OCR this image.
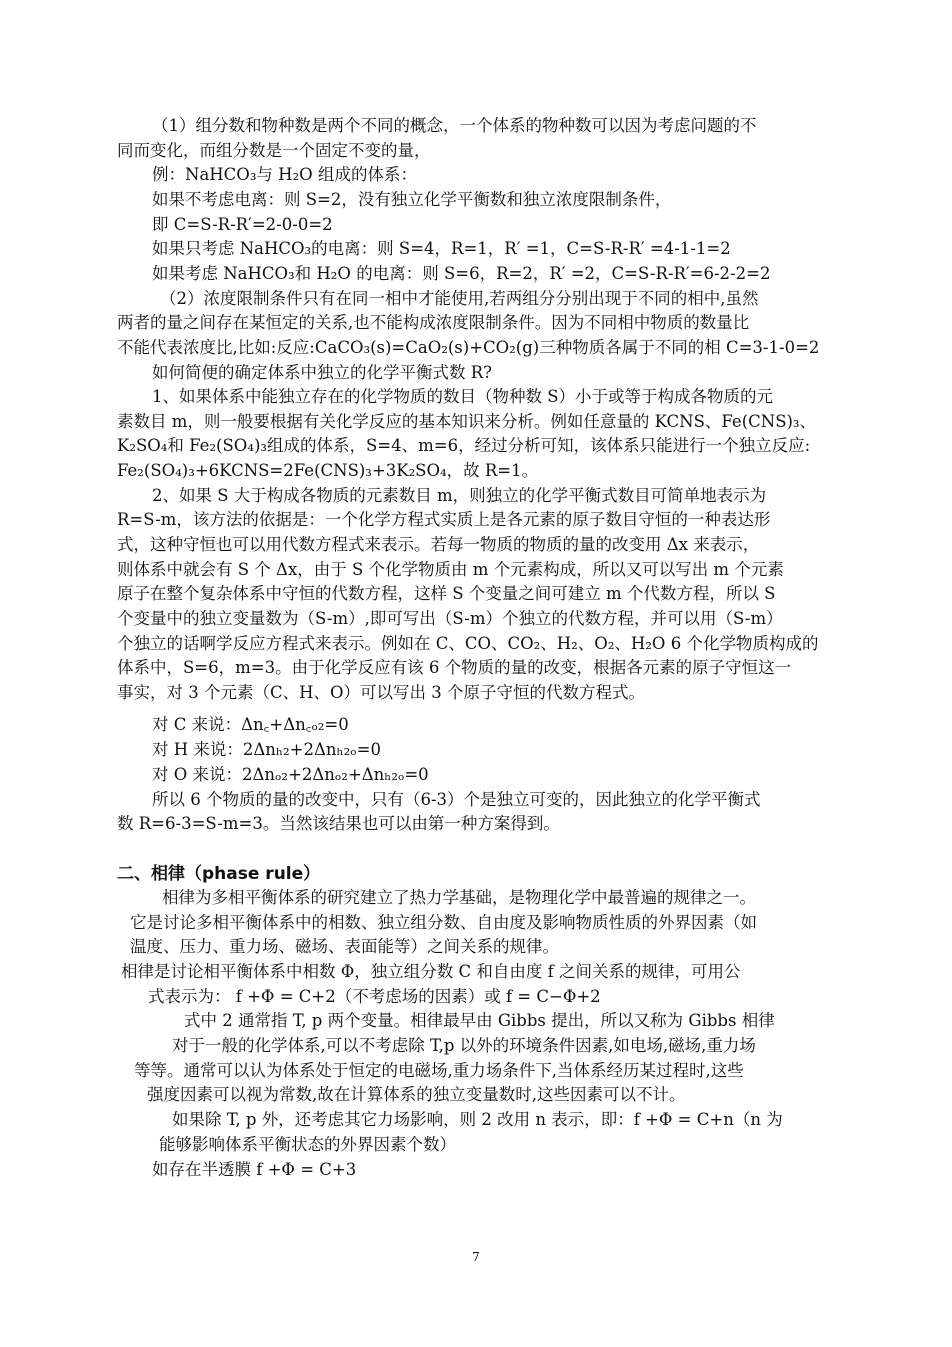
（1）组分数和物种数是两个不同的概念，一个体系的物种数可以因为考虑问题的不
同而变化，而组分数是一个固定不变的量，
例：NaHCO₃与 H₂O 组成的体系：
如果不考虑电离：则 S=2，没有独立化学平衡数和独立浓度限制条件，
即 C=S-R-R′=2-0-0=2
如果只考虑 NaHCO₃的电离：则 S=4，R=1，R′ =1，C=S-R-R′ =4-1-1=2
如果考虑 NaHCO₃和 H₂O 的电离：则 S=6，R=2，R′ =2，C=S-R-R′=6-2-2=2
（2）浓度限制条件只有在同一相中才能使用,若两组分分别出现于不同的相中,虽然
两者的量之间存在某恒定的关系,也不能构成浓度限制条件。因为不同相中物质的数量比
不能代表浓度比,比如:反应:CaCO₃(s)=CaO₂(s)+CO₂(g)三种物质各属于不同的相 C=3-1-0=2
如何简便的确定体系中独立的化学平衡式数 R?
1、如果体系中能独立存在的化学物质的数目（物种数 S）小于或等于构成各物质的元
素数目 m，则一般要根据有关化学反应的基本知识来分析。例如任意量的 KCNS、Fe(CNS)₃、
K₂SO₄和 Fe₂(SO₄)₃组成的体系，S=4、m=6，经过分析可知，该体系只能进行一个独立反应:
Fe₂(SO₄)₃+6KCNS=2Fe(CNS)₃+3K₂SO₄，故 R=1。
2、如果 S 大于构成各物质的元素数目 m，则独立的化学平衡式数目可简单地表示为
R=S-m，该方法的依据是：一个化学方程式实质上是各元素的原子数目守恒的一种表达形
式，这种守恒也可以用代数方程式来表示。若每一物质的物质的量的改变用 Δx 来表示，
则体系中就会有 S 个 Δx，由于 S 个化学物质由 m 个元素构成，所以又可以写出 m 个元素
原子在整个复杂体系中守恒的代数方程，这样 S 个变量之间可建立 m 个代数方程，所以 S
个变量中的独立变量数为（S-m）,即可写出（S-m）个独立的代数方程，并可以用（S-m）
个独立的话啊学反应方程式来表示。例如在 C、CO、CO₂、H₂、O₂、H₂O 6 个化学物质构成的
体系中，S=6，m=3。由于化学反应有该 6 个物质的量的改变，根据各元素的原子守恒这一
事实，对 3 个元素（C、H、O）可以写出 3 个原子守恒的代数方程式。
对 C 来说：Δn꜀+Δn꜀ₒ₂=0
对 H 来说：2Δnₕ₂+2Δnₕ₂ₒ=0
对 O 来说：2Δnₒ₂+2Δnₒ₂+Δnₕ₂ₒ=0
所以 6 个物质的量的改变中，只有（6-3）个是独立可变的，因此独立的化学平衡式
数 R=6-3=S-m=3。当然该结果也可以由第一种方案得到。
二、相律（phase rule）
相律为多相平衡体系的研究建立了热力学基础，是物理化学中最普遍的规律之一。
它是讨论多相平衡体系中的相数、独立组分数、自由度及影响物质性质的外界因素（如
温度、压力、重力场、磁场、表面能等）之间关系的规律。
相律是讨论相平衡体系中相数 Φ，独立组分数 C 和自由度 f 之间关系的规律，可用公
式表示为： f +Φ = C+2（不考虑场的因素）或 f = C−Φ+2
式中 2 通常指 T, p 两个变量。相律最早由 Gibbs 提出，所以又称为 Gibbs 相律
对于一般的化学体系,可以不考虑除 T,p 以外的环境条件因素,如电场,磁场,重力场
等等。通常可以认为体系处于恒定的电磁场,重力场条件下,当体系经历某过程时,这些
强度因素可以视为常数,故在计算体系的独立变量数时,这些因素可以不计。
如果除 T, p 外，还考虑其它力场影响，则 2 改用 n 表示，即：f +Φ = C+n（n 为
能够影响体系平衡状态的外界因素个数）
如存在半透膜 f +Φ = C+3
7
